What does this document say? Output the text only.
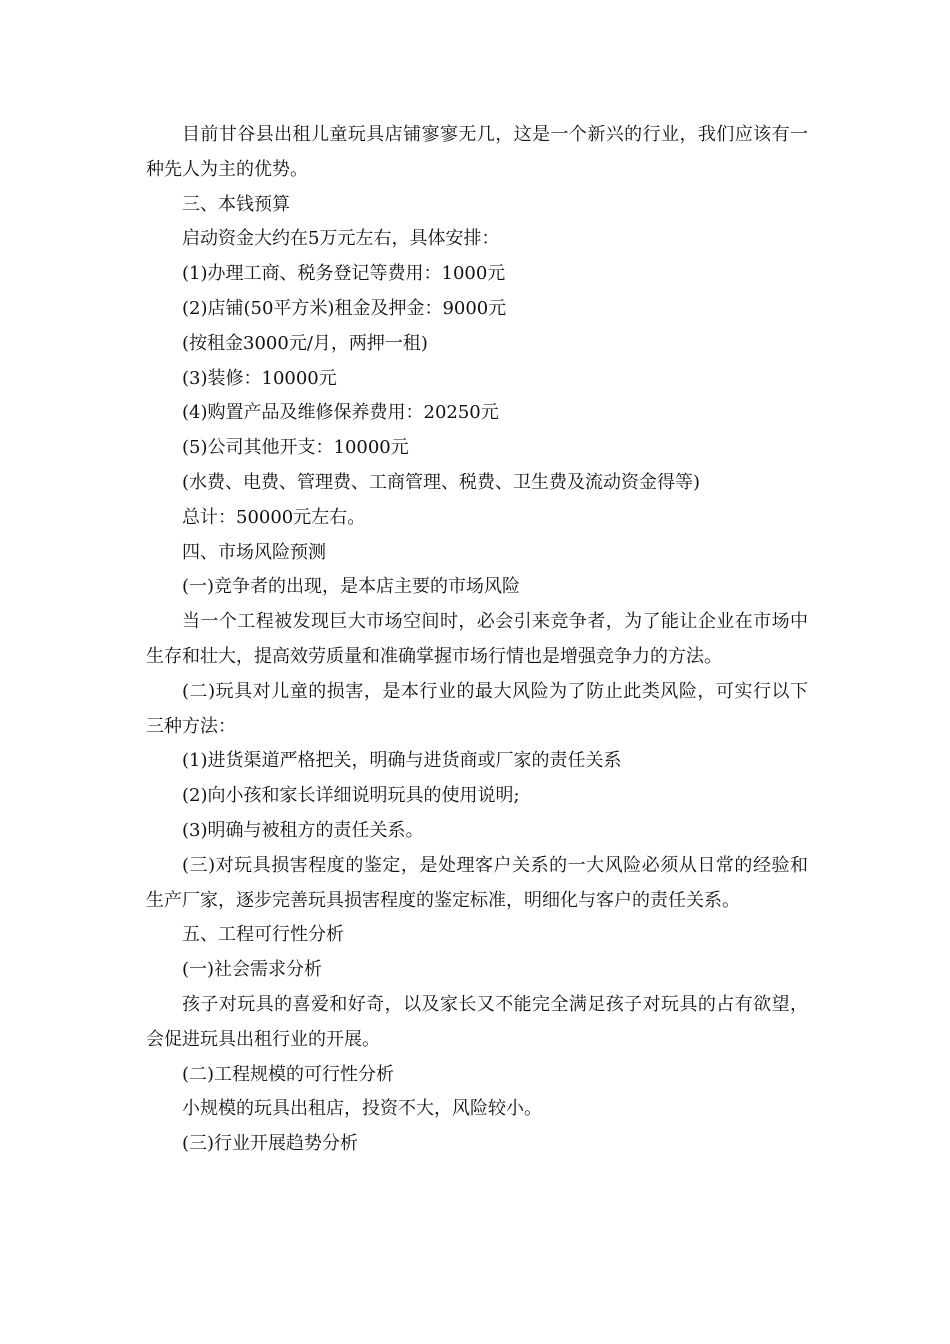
目前甘谷县出租儿童玩具店铺寥寥无几，这是一个新兴的行业，我们应该有一种先人为主的优势。

三、本钱预算

启动资金大约在5万元左右，具体安排：

(1)办理工商、税务登记等费用：1000元

(2)店铺(50平方米)租金及押金：9000元

(按租金3000元/月，两押一租)

(3)装修：10000元

(4)购置产品及维修保养费用：20250元

(5)公司其他开支：10000元

(水费、电费、管理费、工商管理、税费、卫生费及流动资金得等)

总计：50000元左右。

四、市场风险预测

(一)竞争者的出现，是本店主要的市场风险

当一个工程被发现巨大市场空间时，必会引来竞争者，为了能让企业在市场中生存和壮大，提高效劳质量和准确掌握市场行情也是增强竞争力的方法。

(二)玩具对儿童的损害，是本行业的最大风险为了防止此类风险，可实行以下三种方法：

(1)进货渠道严格把关，明确与进货商或厂家的责任关系

(2)向小孩和家长详细说明玩具的使用说明;

(3)明确与被租方的责任关系。

(三)对玩具损害程度的鉴定，是处理客户关系的一大风险必须从日常的经验和生产厂家，逐步完善玩具损害程度的鉴定标准，明细化与客户的责任关系。

五、工程可行性分析

(一)社会需求分析

孩子对玩具的喜爱和好奇，以及家长又不能完全满足孩子对玩具的占有欲望，会促进玩具出租行业的开展。

(二)工程规模的可行性分析

小规模的玩具出租店，投资不大，风险较小。

(三)行业开展趋势分析
